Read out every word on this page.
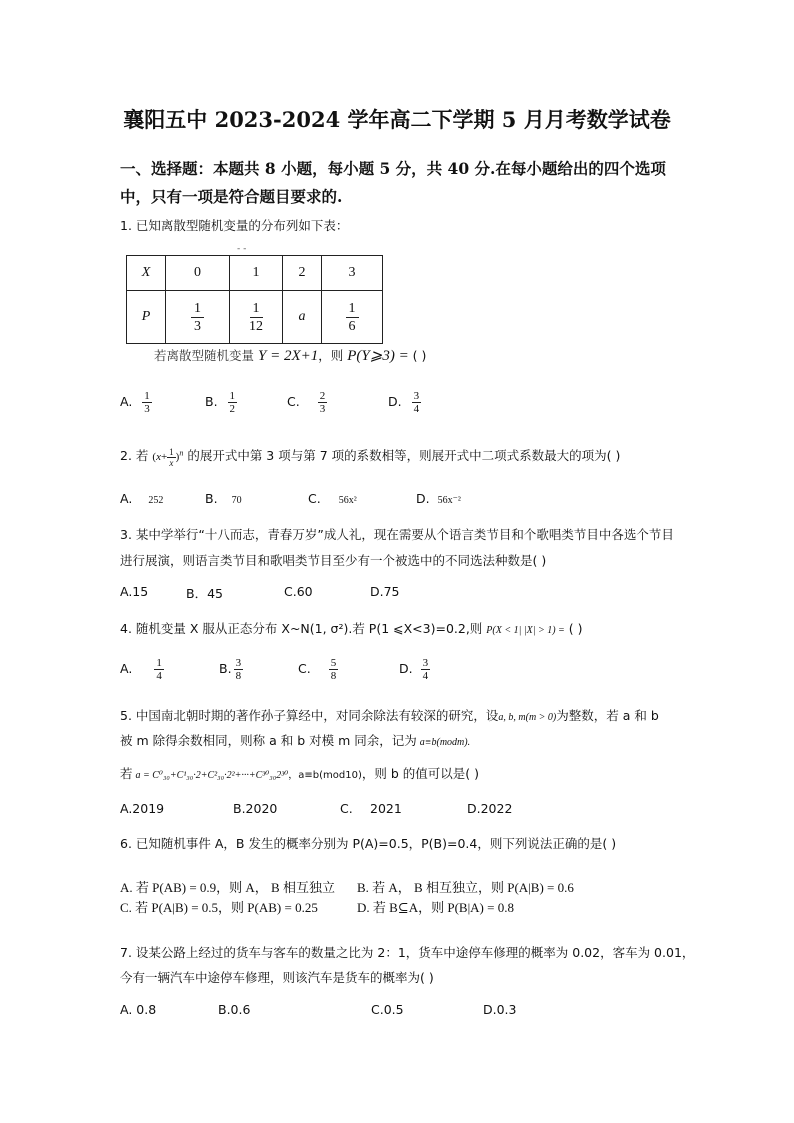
襄阳五中 2023-2024 学年高二下学期 5 月月考数学试卷
一、选择题：本题共 8 小题，每小题 5 分，共 40 分.在每小题给出的四个选项
中，只有一项是符合题目要求的.
1. 已知离散型随机变量的分布列如下表：
- -
X	0	1	2	3
P	$\frac{1}{3}$	$\frac{1}{12}$	a	$\frac{1}{6}$
若离散型随机变量 Y = 2X+1，则 P(Y⩾3) = ( )
A. $\frac{1}{3}$	B. $\frac{1}{2}$	C. $\frac{2}{3}$	D. $\frac{3}{4}$
2. 若 $(x+ \frac{1}{x} )^n$ 的展开式中第 3 项与第 7 项的系数相等，则展开式中二项式系数最大的项为( )
A. 252	B. 70	C. 56x²	D. 56x⁻²
3. 某中学举行“十八而志，青春万岁”成人礼，现在需要从个语言类节目和个歌唱类节目中各选个节目
进行展演，则语言类节目和歌唱类节目至少有一个被选中的不同选法种数是( )
A.15	B．45	C.60	D.75
4. 随机变量 X 服从正态分布 X~N(1, σ²).若 P(1 ⩽X<3)=0.2,则 P(X < 1| |X| > 1) = ( )
A. $\frac{1}{4}$	B. $\frac{3}{8}$	C. $\frac{5}{8}$	D. $\frac{3}{4}$
5. 中国南北朝时期的著作孙子算经中，对同余除法有较深的研究，设a, b, m(m > 0)为整数，若 a 和 b
被 m 除得余数相同，则称 a 和 b 对模 m 同余，记为 a≡b(modm).
若 a = C⁰₃₀+C¹₃₀·2+C²₃₀·2²+···+C³⁰₃₀2³⁰，a≡b(mod10)，则 b 的值可以是( )
A.2019	B.2020	C. 2021	D.2022
6. 已知随机事件 A，B 发生的概率分别为 P(A)=0.5，P(B)=0.4，则下列说法正确的是( )
A. 若 P(AB) = 0.9，则 A， B 相互独立 B. 若 A， B 相互独立，则 P(A|B) = 0.6
C. 若 P(A|B) = 0.5，则 P(AB) = 0.25	D. 若 B⊆A，则 P(B|A) = 0.8
7. 设某公路上经过的货车与客车的数量之比为 2：1，货车中途停车修理的概率为 0.02，客车为 0.01，
今有一辆汽车中途停车修理，则该汽车是货车的概率为( )
A. 0.8	B.0.6	C.0.5	D.0.3
